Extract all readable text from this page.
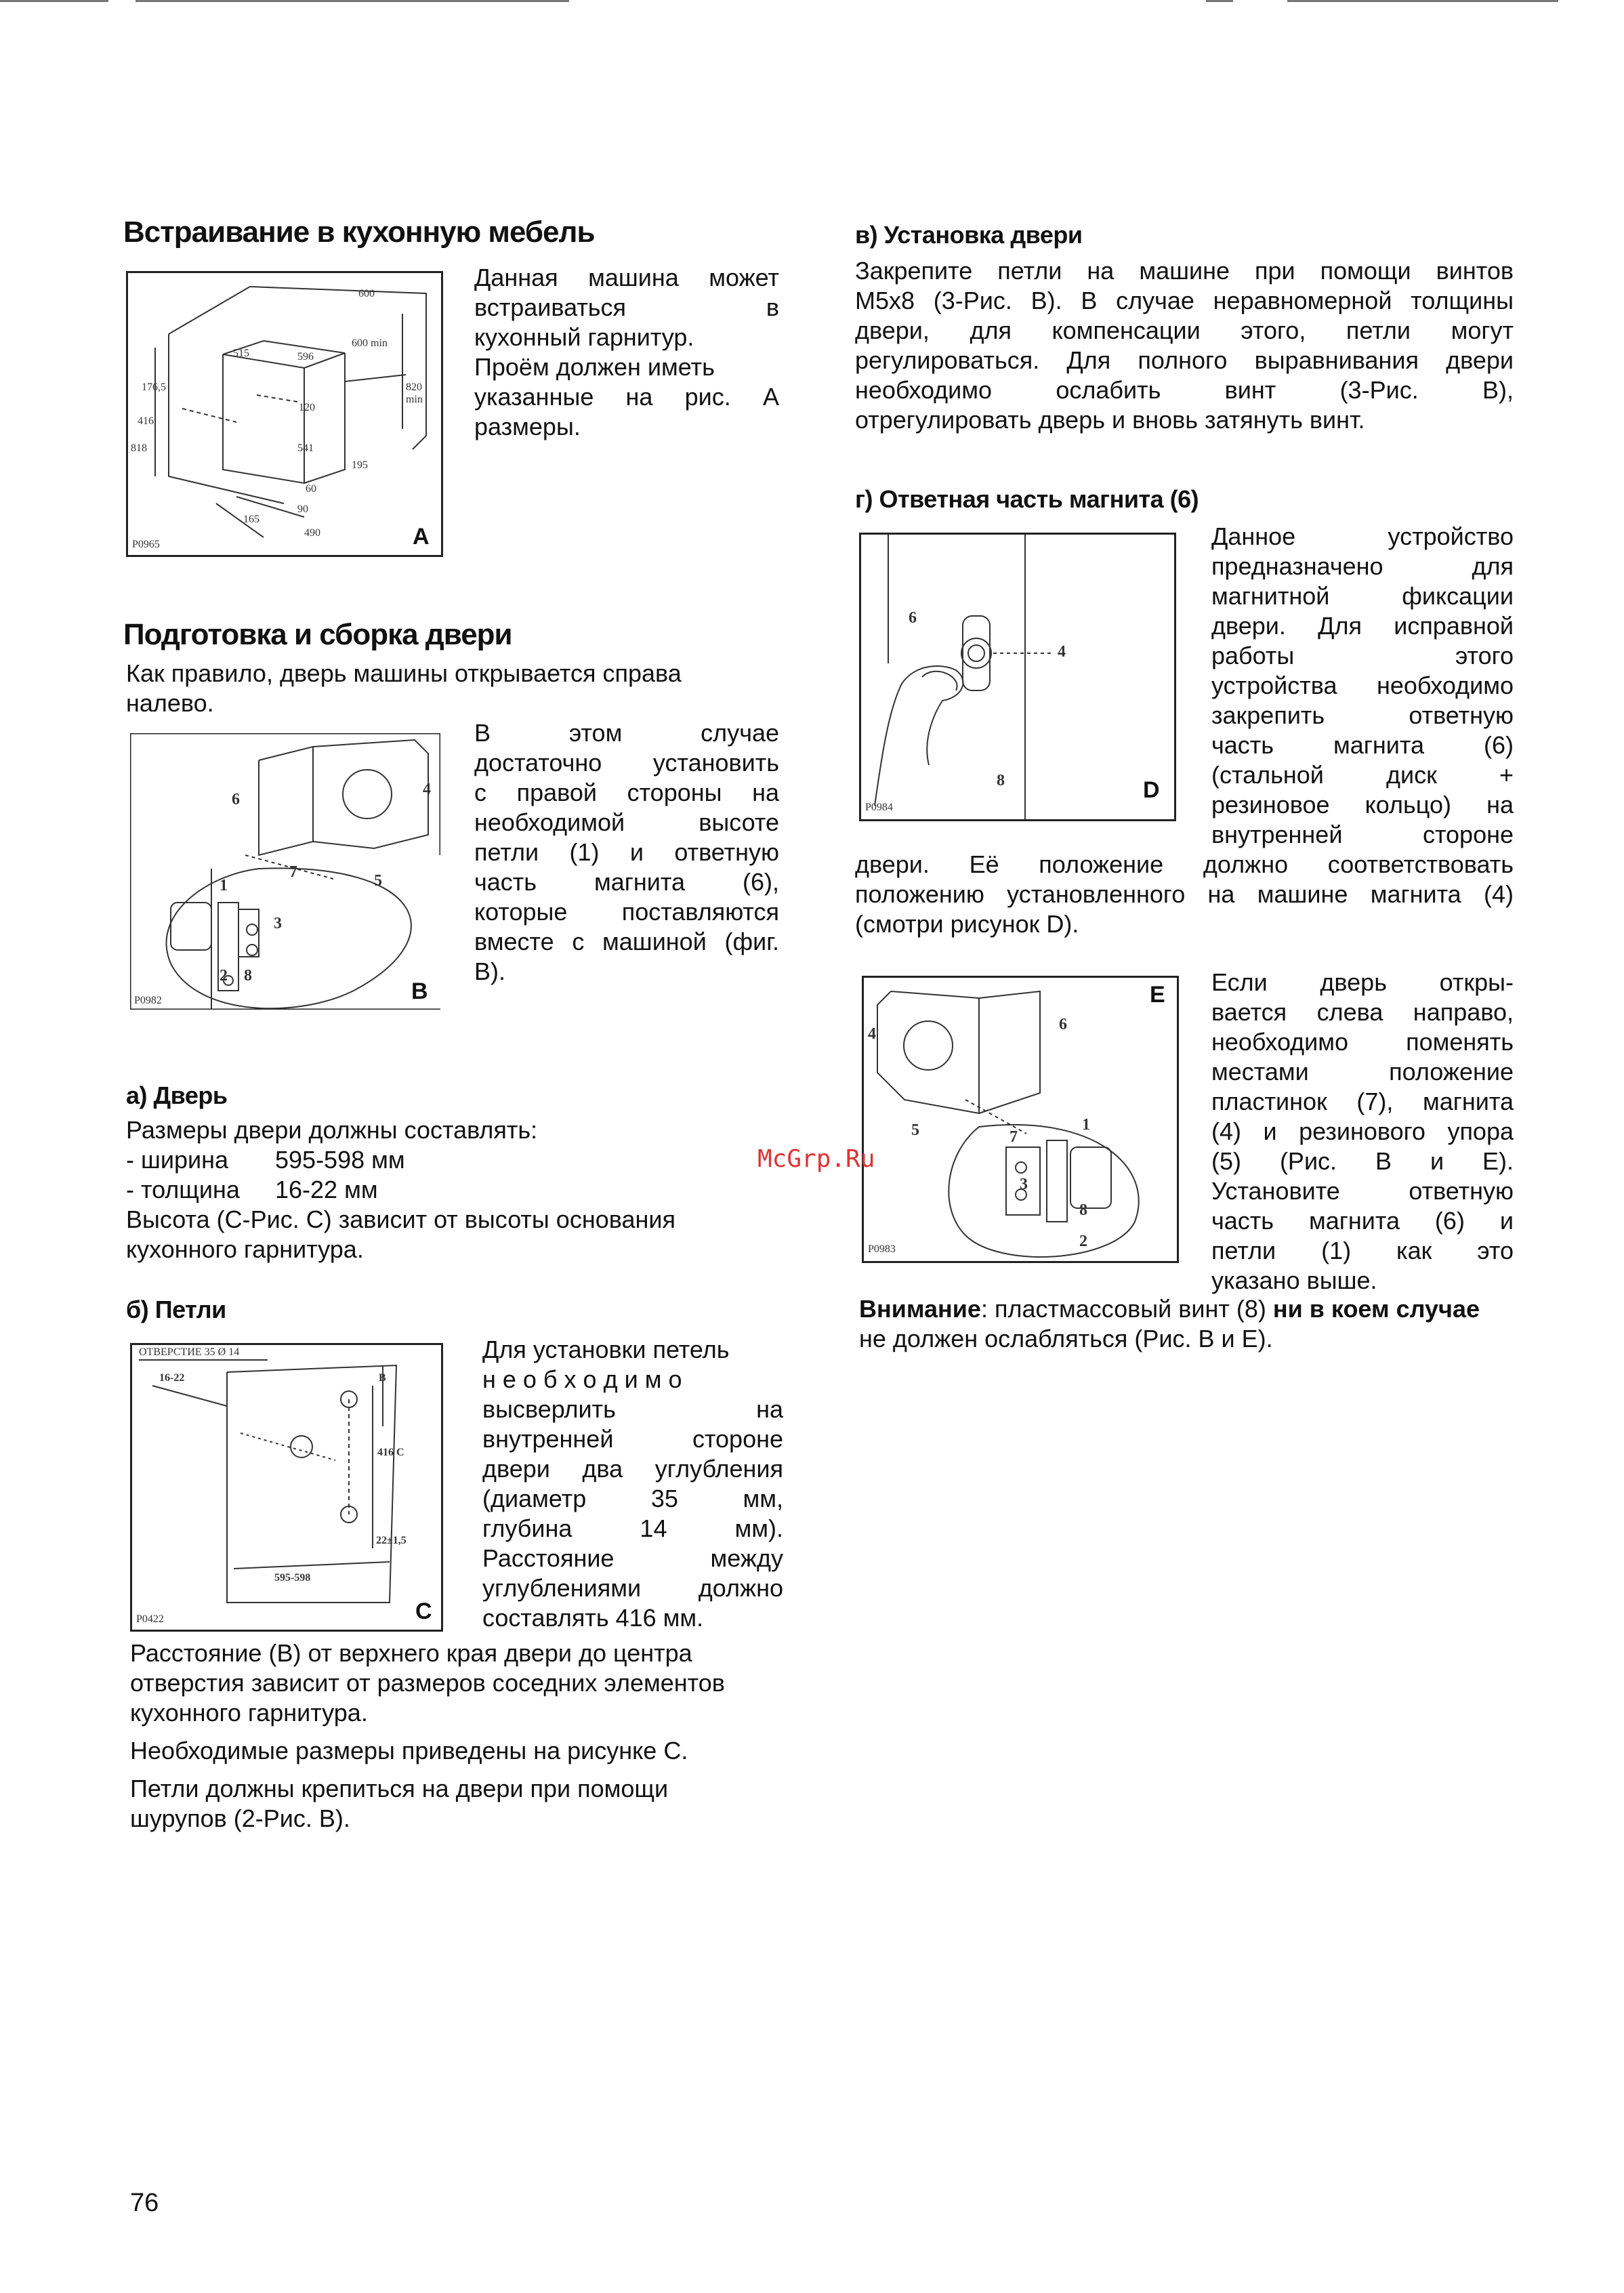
Встраивание в кухонную мебель
600
515	596
600 min
820 min
176,5
416
818
120
541
60
195
165
90
490
P0965	A

Данная машина может

встраиваться в

кухонный гарнитур.

Проём должен иметь

указанные на рис. А

размеры.

Подготовка и сборка двери

Как правило, дверь машины открывается справа

налево.

6
4
7	5
1
3
2 8
P0982	B

В этом случае

достаточно установить

с правой стороны на

необходимой высоте

петли (1) и ответную

часть магнита (6),

которые поставляются

вместе с машиной (фиг.

В).

а) Дверь

Размеры двери должны составлять:

- ширина 595-598 мм

- толщина 16-22 мм

Высота (С-Рис. С) зависит от высоты основания

кухонного гарнитура.

б) Петли
ОТВЕРСТИЕ 35 Ø 14
16-22	B
416 C
22±1,5
595-598
P0422	C

Для установки петель

н е о б х о д и м о

высверлить на

внутренней стороне

двери два углубления

(диаметр 35 мм,

глубина 14 мм).

Расстояние между

углублениями должно

составлять 416 мм.

Расстояние (В) от верхнего края двери до центра

отверстия зависит от размеров соседних элементов

кухонного гарнитура.

Необходимые размеры приведены на рисунке С.

Петли должны крепиться на двери при помощи

шурупов (2-Рис. В).

76
в) Установка двери

Закрепите петли на машине при помощи винтов

М5х8 (3-Рис. В). В случае неравномерной толщины

двери, для компенсации этого, петли могут

регулироваться. Для полного выравнивания двери

необходимо ослабить винт (3-Рис. В),

отрегулировать дверь и вновь затянуть винт.

г) Ответная часть магнита (6)
6
4
8
P0984
D

Данное устройство

предназначено для

магнитной фиксации

двери. Для исправной

работы этого

устройства необходимо

закрепить ответную

часть магнита (6)

(стальной диск +

резиновое кольцо) на

внутренней стороне

двери. Её положение должно соответствовать

положению установленного на машине магнита (4)

(смотри рисунок D).

4
6
5	7
1
3
8
2
P0983
E Если дверь откры-

вается слева направо,

необходимо поменять

местами положение

пластинок (7), магнита

(4) и резинового упора

(5) (Рис. В и Е).

Установите ответную

часть магнита (6) и

петли (1) как это

указано выше.

Внимание: пластмассовый винт (8) ни в коем случае

не должен ослабляться (Рис. В и Е).

McGrp.Ru
